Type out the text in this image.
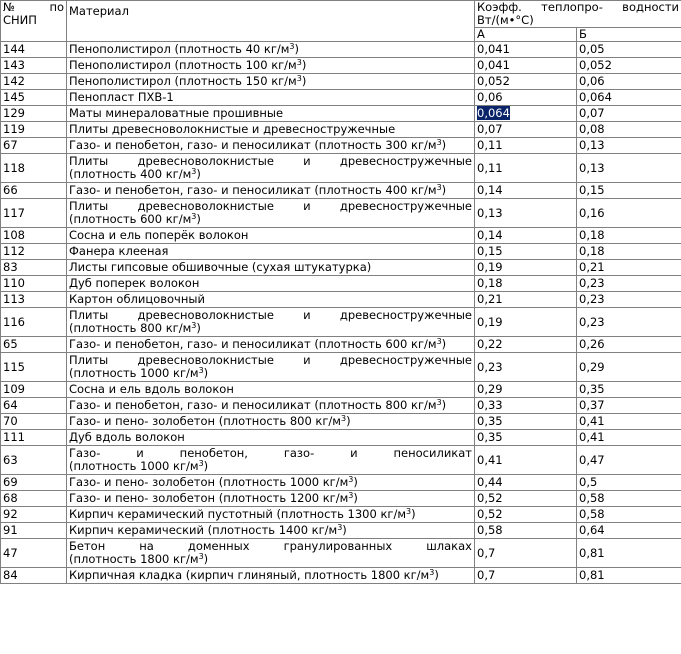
№ по СНИП	Материал	Коэфф. теплопро- водности Вт/(м•°С)	
		А	Б
144	Пенополистирол (плотность 40 $кг/м^3$)	0,041	0,05
143	Пенополистирол (плотность 100 $кг/м^3$)	0,041	0,052
142	Пенополистирол (плотность 150 $кг/м^3$)	0,052	0,06
145	Пенопласт ПХВ-1	0,06	0,064
129	Маты минераловатные прошивные	0,064	0,07
119	Плиты древесноволокнистые и древесностружечные	0,07	0,08
67	Газо- и пенобетон, газо- и пеносиликат (плотность 300 $кг/м^3$)	0,11	0,13
118	Плиты древесноволокнистые и древесностружечные
(плотность 400 $кг/м^3$)	0,11	0,13
66	Газо- и пенобетон, газо- и пеносиликат (плотность 400 $кг/м^3$)	0,14	0,15
117	Плиты древесноволокнистые и древесностружечные
(плотность 600 $кг/м^3$)	0,13	0,16
108	Сосна и ель поперёк волокон	0,14	0,18
112	Фанера клееная	0,15	0,18
83	Листы гипсовые обшивочные (сухая штукатурка)	0,19	0,21
110	Дуб поперек волокон	0,18	0,23
113	Картон облицовочный	0,21	0,23
116	Плиты древесноволокнистые и древесностружечные
(плотность 800 $кг/м^3$)	0,19	0,23
65	Газо- и пенобетон, газо- и пеносиликат (плотность 600 $кг/м^3$)	0,22	0,26
115	Плиты древесноволокнистые и древесностружечные
(плотность 1000 $кг/м^3$)	0,23	0,29
109	Сосна и ель вдоль волокон	0,29	0,35
64	Газо- и пенобетон, газо- и пеносиликат (плотность 800 $кг/м^3$)	0,33	0,37
70	Газо- и пено- золобетон (плотность 800 $кг/м^3$)	0,35	0,41
111	Дуб вдоль волокон	0,35	0,41
63	Газо- и пенобетон, газо- и пеносиликат
(плотность 1000 $кг/м^3$)	0,41	0,47
69	Газо- и пено- золобетон (плотность 1000 $кг/м^3$)	0,44	0,5
68	Газо- и пено- золобетон (плотность 1200 $кг/м^3$)	0,52	0,58
92	Кирпич керамический пустотный (плотность 1300 $кг/м^3$)	0,52	0,58
91	Кирпич керамический (плотность 1400 $кг/м^3$)	0,58	0,64
47	Бетон на доменных гранулированных шлаках
(плотность 1800 $кг/м^3$)	0,7	0,81
84	Кирпичная кладка (кирпич глиняный, плотность 1800 $кг/м^3$)	0,7	0,81
